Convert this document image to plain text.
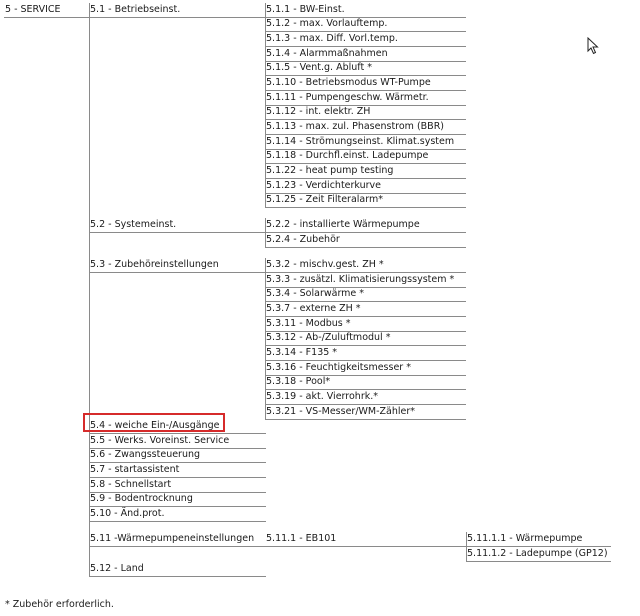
5 - SERVICE	5.1 - Betriebseinst.
5.2 - Systemeinst.
5.3 - Zubehöreinstellungen
5.4 - weiche Ein-/Ausgänge
5.5 - Werks. Voreinst. Service
5.6 - Zwangssteuerung
5.7 - startassistent
5.8 - Schnellstart
5.9 - Bodentrocknung
5.10 - Änd.prot.
5.11 -Wärmepumpeneinstellungen
5.12 - Land
5.1.1 - BW-Einst.
5.1.2 - max. Vorlauftemp.
5.1.3 - max. Diff. Vorl.temp.
5.1.4 - Alarmmaßnahmen
5.1.5 - Vent.g. Abluft *
5.1.10 - Betriebsmodus WT-Pumpe
5.1.11 - Pumpengeschw. Wärmetr.
5.1.12 - int. elektr. ZH
5.1.13 - max. zul. Phasenstrom (BBR)
5.1.14 - Strömungseinst. Klimat.system
5.1.18 - Durchfl.einst. Ladepumpe
5.1.22 - heat pump testing
5.1.23 - Verdichterkurve
5.1.25 - Zeit Filteralarm*
5.2.2 - installierte Wärmepumpe
5.2.4 - Zubehör
5.3.2 - mischv.gest. ZH *
5.3.3 - zusätzl. Klimatisierungssystem *
5.3.4 - Solarwärme *
5.3.7 - externe ZH *
5.3.11 - Modbus *
5.3.12 - Ab-/Zuluftmodul *
5.3.14 - F135 *
5.3.16 - Feuchtigkeitsmesser *
5.3.18 - Pool*
5.3.19 - akt. Vierrohrk.*
5.3.21 - VS-Messer/WM-Zähler*
5.11.1 - EB101	5.11.1.1 - Wärmepumpe
5.11.1.2 - Ladepumpe (GP12)
* Zubehör erforderlich.
